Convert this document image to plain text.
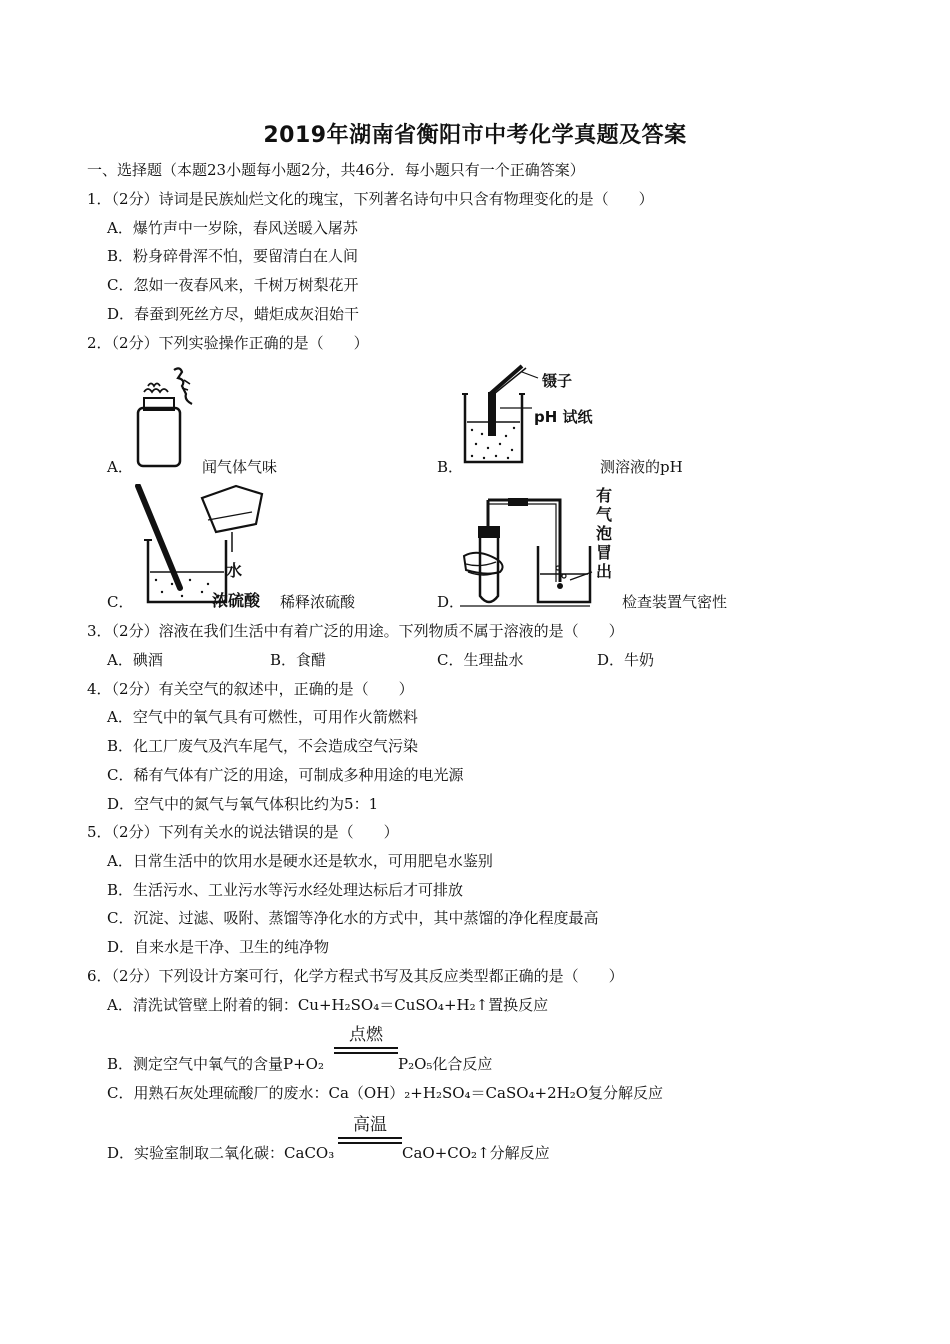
2019年湖南省衡阳市中考化学真题及答案
一、选择题（本题23小题每小题2分，共46分．每小题只有一个正确答案）
1．（2分）诗词是民族灿烂文化的瑰宝，下列著名诗句中只含有物理变化的是（　　）
A．爆竹声中一岁除，春风送暖入屠苏
B．粉身碎骨浑不怕，要留清白在人间
C．忽如一夜春风来，千树万树梨花开
D．春蚕到死丝方尽，蜡炬成灰泪始干
2．（2分）下列实验操作正确的是（　　）
A．	闻气体气味
镊子
pH 试纸
B．	测溶液的pH
水
浓硫酸
C．	稀释浓硫酸
有
气
泡
冒
出
D．	检查装置气密性
3．（2分）溶液在我们生活中有着广泛的用途。下列物质不属于溶液的是（　　）
A．碘酒	B．食醋	C．生理盐水	D．牛奶
4．（2分）有关空气的叙述中，正确的是（　　）
A．空气中的氧气具有可燃性，可用作火箭燃料
B．化工厂废气及汽车尾气，不会造成空气污染
C．稀有气体有广泛的用途，可制成多种用途的电光源
D．空气中的氮气与氧气体积比约为5：1
5．（2分）下列有关水的说法错误的是（　　）
A．日常生活中的饮用水是硬水还是软水，可用肥皂水鉴别
B．生活污水、工业污水等污水经处理达标后才可排放
C．沉淀、过滤、吸附、蒸馏等净化水的方式中，其中蒸馏的净化程度最高
D．自来水是干净、卫生的纯净物
6．（2分）下列设计方案可行，化学方程式书写及其反应类型都正确的是（　　）
A．清洗试管壁上附着的铜：Cu+H₂SO₄＝CuSO₄+H₂↑置换反应
点燃
B．测定空气中氧气的含量P+O₂	P₂O₅化合反应
C．用熟石灰处理硫酸厂的废水：Ca（OH）₂+H₂SO₄＝CaSO₄+2H₂O复分解反应
高温
D．实验室制取二氧化碳：CaCO₃	CaO+CO₂↑分解反应
